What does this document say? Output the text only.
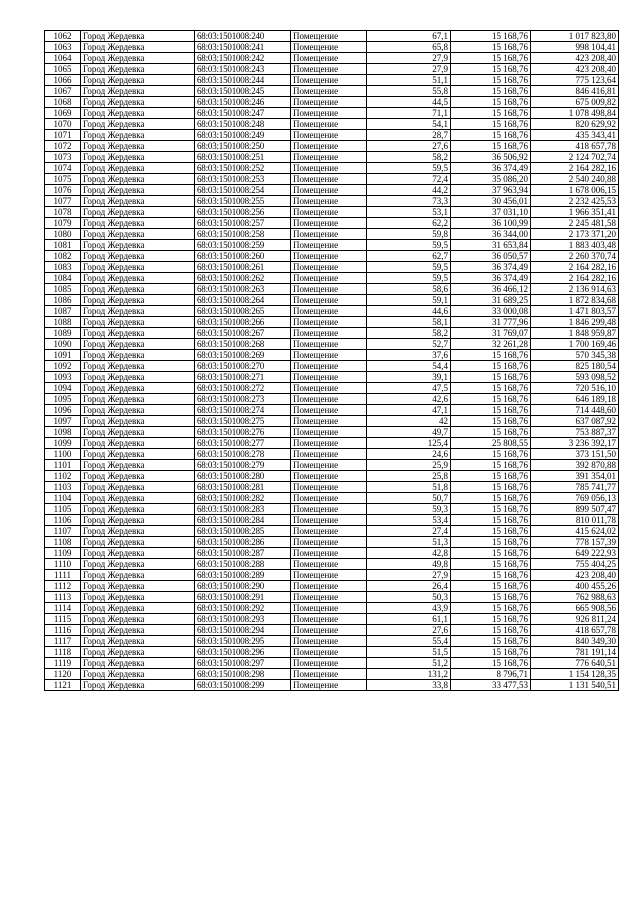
1062	Город Жердевка	68:03:1501008:240	Помещение	67,1	15 168,76	1 017 823,80
1063	Город Жердевка	68:03:1501008:241	Помещение	65,8	15 168,76	998 104,41
1064	Город Жердевка	68:03:1501008:242	Помещение	27,9	15 168,76	423 208,40
1065	Город Жердевка	68:03:1501008:243	Помещение	27,9	15 168,76	423 208,40
1066	Город Жердевка	68:03:1501008:244	Помещение	51,1	15 168,76	775 123,64
1067	Город Жердевка	68:03:1501008:245	Помещение	55,8	15 168,76	846 416,81
1068	Город Жердевка	68:03:1501008:246	Помещение	44,5	15 168,76	675 009,82
1069	Город Жердевка	68:03:1501008:247	Помещение	71,1	15 168,76	1 078 498,84
1070	Город Жердевка	68:03:1501008:248	Помещение	54,1	15 168,76	820 629,92
1071	Город Жердевка	68:03:1501008:249	Помещение	28,7	15 168,76	435 343,41
1072	Город Жердевка	68:03:1501008:250	Помещение	27,6	15 168,76	418 657,78
1073	Город Жердевка	68:03:1501008:251	Помещение	58,2	36 506,92	2 124 702,74
1074	Город Жердевка	68:03:1501008:252	Помещение	59,5	36 374,49	2 164 282,16
1075	Город Жердевка	68:03:1501008:253	Помещение	72,4	35 086,20	2 540 240,88
1076	Город Жердевка	68:03:1501008:254	Помещение	44,2	37 963,94	1 678 006,15
1077	Город Жердевка	68:03:1501008:255	Помещение	73,3	30 456,01	2 232 425,53
1078	Город Жердевка	68:03:1501008:256	Помещение	53,1	37 031,10	1 966 351,41
1079	Город Жердевка	68:03:1501008:257	Помещение	62,2	36 100,99	2 245 481,58
1080	Город Жердевка	68:03:1501008:258	Помещение	59,8	36 344,00	2 173 371,20
1081	Город Жердевка	68:03:1501008:259	Помещение	59,5	31 653,84	1 883 403,48
1082	Город Жердевка	68:03:1501008:260	Помещение	62,7	36 050,57	2 260 370,74
1083	Город Жердевка	68:03:1501008:261	Помещение	59,5	36 374,49	2 164 282,16
1084	Город Жердевка	68:03:1501008:262	Помещение	59,5	36 374,49	2 164 282,16
1085	Город Жердевка	68:03:1501008:263	Помещение	58,6	36 466,12	2 136 914,63
1086	Город Жердевка	68:03:1501008:264	Помещение	59,1	31 689,25	1 872 834,68
1087	Город Жердевка	68:03:1501008:265	Помещение	44,6	33 000,08	1 471 803,57
1088	Город Жердевка	68:03:1501008:266	Помещение	58,1	31 777,96	1 846 299,48
1089	Город Жердевка	68:03:1501008:267	Помещение	58,2	31 769,07	1 848 959,87
1090	Город Жердевка	68:03:1501008:268	Помещение	52,7	32 261,28	1 700 169,46
1091	Город Жердевка	68:03:1501008:269	Помещение	37,6	15 168,76	570 345,38
1092	Город Жердевка	68:03:1501008:270	Помещение	54,4	15 168,76	825 180,54
1093	Город Жердевка	68:03:1501008:271	Помещение	39,1	15 168,76	593 098,52
1094	Город Жердевка	68:03:1501008:272	Помещение	47,5	15 168,76	720 516,10
1095	Город Жердевка	68:03:1501008:273	Помещение	42,6	15 168,76	646 189,18
1096	Город Жердевка	68:03:1501008:274	Помещение	47,1	15 168,76	714 448,60
1097	Город Жердевка	68:03:1501008:275	Помещение	42	15 168,76	637 087,92
1098	Город Жердевка	68:03:1501008:276	Помещение	49,7	15 168,76	753 887,37
1099	Город Жердевка	68:03:1501008:277	Помещение	125,4	25 808,55	3 236 392,17
1100	Город Жердевка	68:03:1501008:278	Помещение	24,6	15 168,76	373 151,50
1101	Город Жердевка	68:03:1501008:279	Помещение	25,9	15 168,76	392 870,88
1102	Город Жердевка	68:03:1501008:280	Помещение	25,8	15 168,76	391 354,01
1103	Город Жердевка	68:03:1501008:281	Помещение	51,8	15 168,76	785 741,77
1104	Город Жердевка	68:03:1501008:282	Помещение	50,7	15 168,76	769 056,13
1105	Город Жердевка	68:03:1501008:283	Помещение	59,3	15 168,76	899 507,47
1106	Город Жердевка	68:03:1501008:284	Помещение	53,4	15 168,76	810 011,78
1107	Город Жердевка	68:03:1501008:285	Помещение	27,4	15 168,76	415 624,02
1108	Город Жердевка	68:03:1501008:286	Помещение	51,3	15 168,76	778 157,39
1109	Город Жердевка	68:03:1501008:287	Помещение	42,8	15 168,76	649 222,93
1110	Город Жердевка	68:03:1501008:288	Помещение	49,8	15 168,76	755 404,25
1111	Город Жердевка	68:03:1501008:289	Помещение	27,9	15 168,76	423 208,40
1112	Город Жердевка	68:03:1501008:290	Помещение	26,4	15 168,76	400 455,26
1113	Город Жердевка	68:03:1501008:291	Помещение	50,3	15 168,76	762 988,63
1114	Город Жердевка	68:03:1501008:292	Помещение	43,9	15 168,76	665 908,56
1115	Город Жердевка	68:03:1501008:293	Помещение	61,1	15 168,76	926 811,24
1116	Город Жердевка	68:03:1501008:294	Помещение	27,6	15 168,76	418 657,78
1117	Город Жердевка	68:03:1501008:295	Помещение	55,4	15 168,76	840 349,30
1118	Город Жердевка	68:03:1501008:296	Помещение	51,5	15 168,76	781 191,14
1119	Город Жердевка	68:03:1501008:297	Помещение	51,2	15 168,76	776 640,51
1120	Город Жердевка	68:03:1501008:298	Помещение	131,2	8 796,71	1 154 128,35
1121	Город Жердевка	68:03:1501008:299	Помещение	33,8	33 477,53	1 131 540,51
